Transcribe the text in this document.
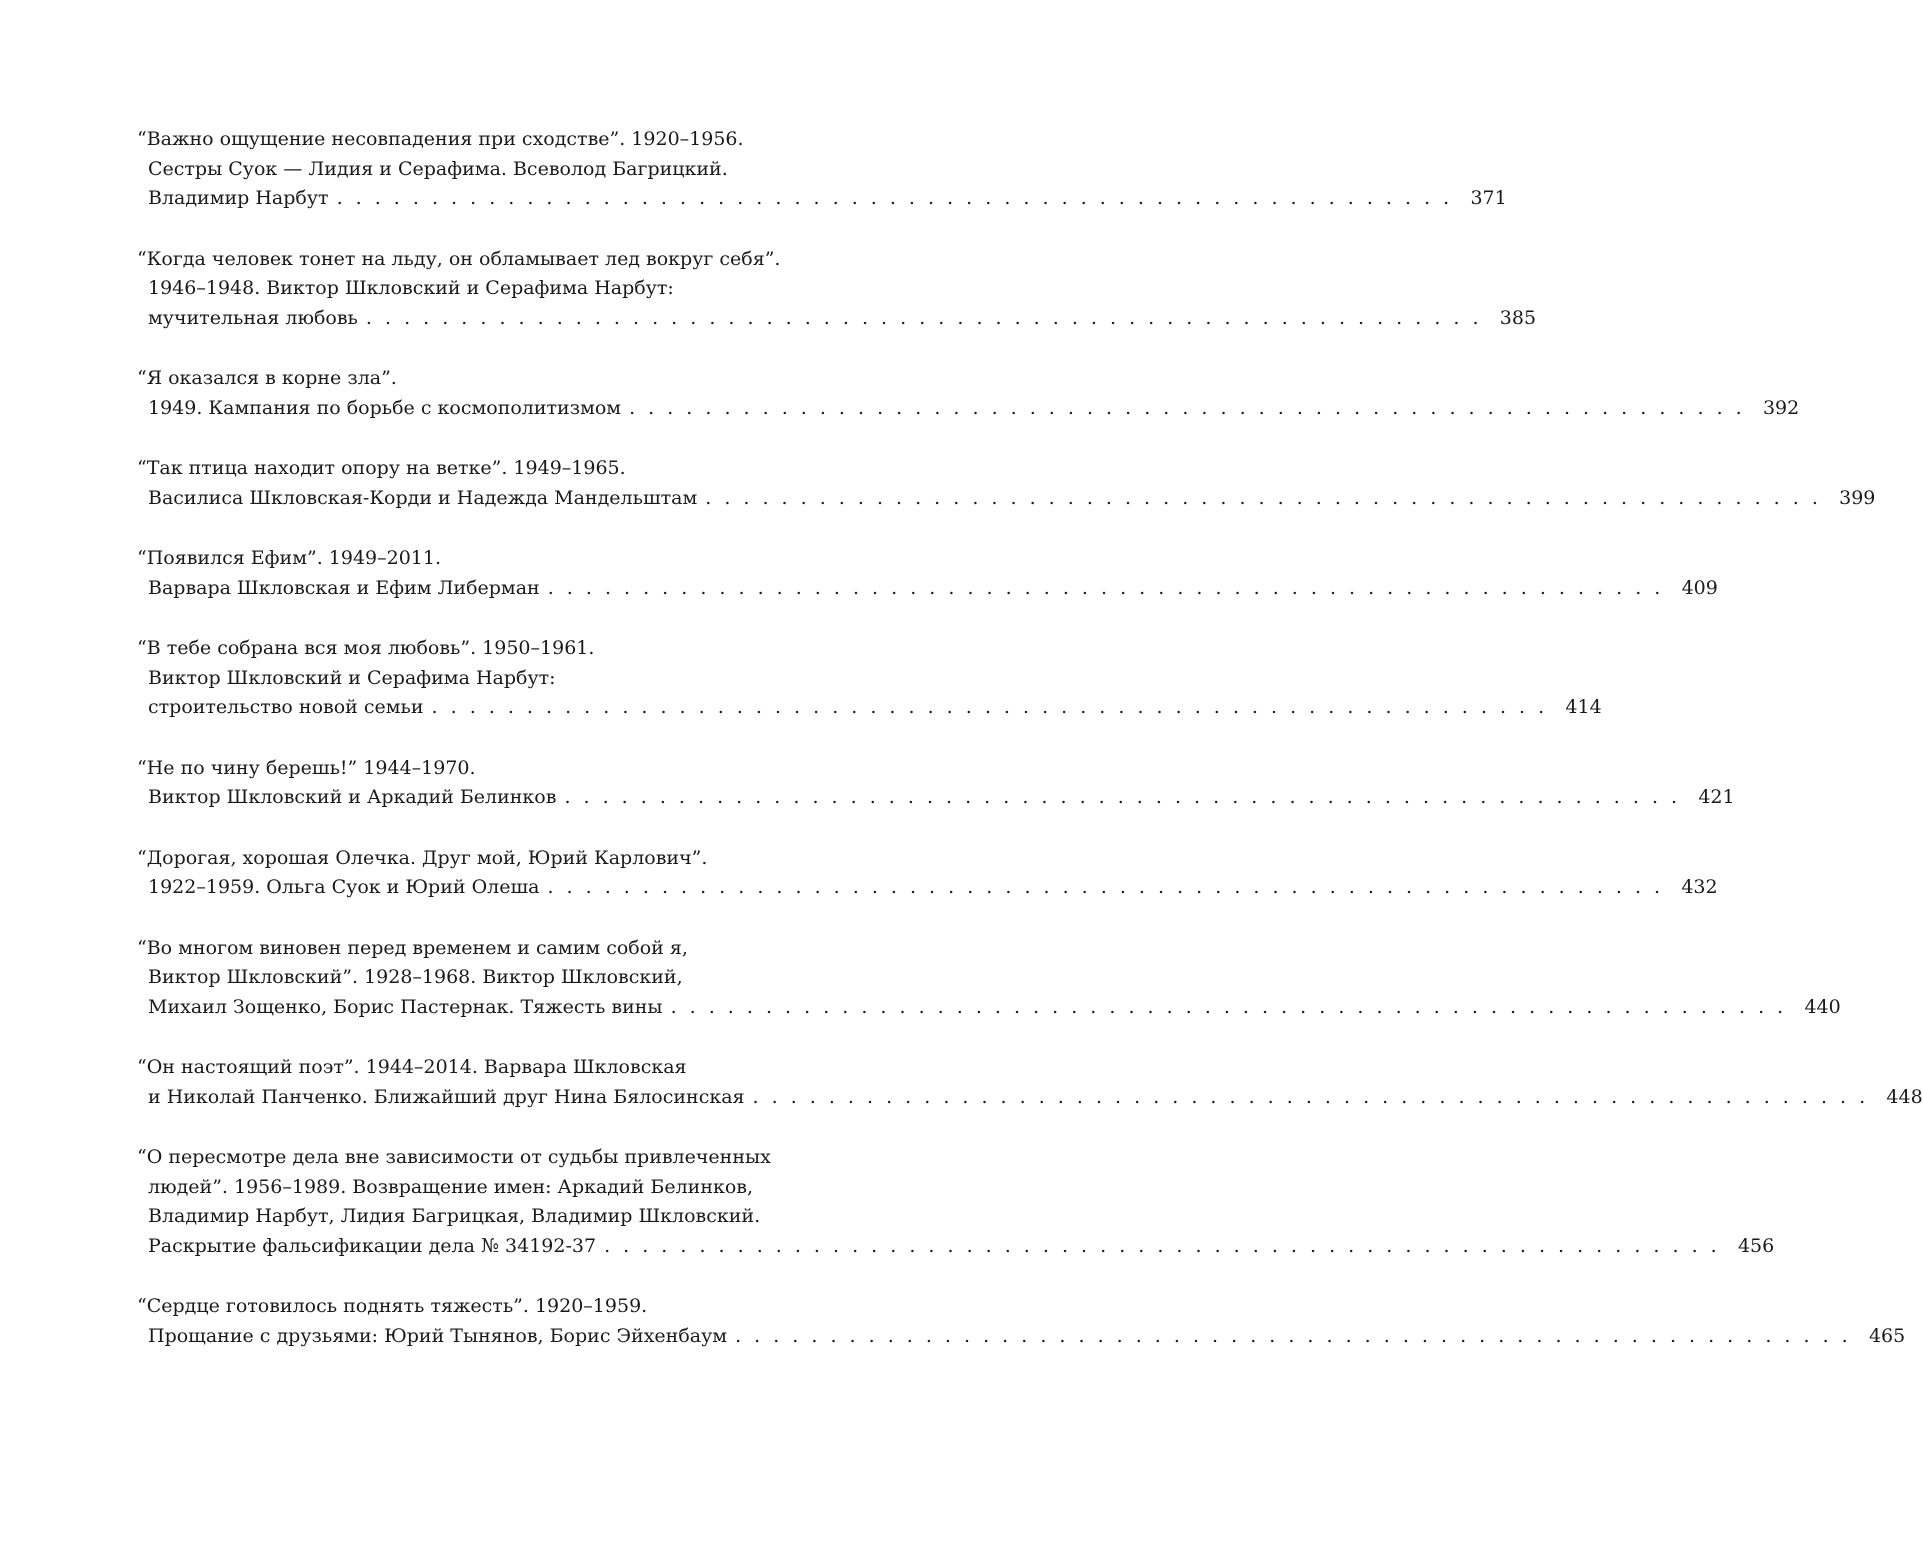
“Важно ощущение несовпадения при сходстве”. 1920–1956.
Сестры Суок — Лидия и Серафима. Всеволод Багрицкий.
Владимир Нарбут . . . . . . . . . . . . . . . . . . . . . . . . . . . . . . . . . . . . . . . . . . . . . . . . . . . . . . . . . . . 371
“Когда человек тонет на льду, он обламывает лед вокруг себя”.
1946–1948. Виктор Шкловский и Серафима Нарбут:
мучительная любовь . . . . . . . . . . . . . . . . . . . . . . . . . . . . . . . . . . . . . . . . . . . . . . . . . . . . . . . . . . . 385
“Я оказался в корне зла”.
1949. Кампания по борьбе с космополитизмом . . . . . . . . . . . . . . . . . . . . . . . . . . . . . . . . . . . . . . . . . . . . . . . . . . . . . . . . . . . 392
“Так птица находит опору на ветке”. 1949–1965.
Василиса Шкловская-Корди и Надежда Мандельштам . . . . . . . . . . . . . . . . . . . . . . . . . . . . . . . . . . . . . . . . . . . . . . . . . . . . . . . . . . . 399
“Появился Ефим”. 1949–2011.
Варвара Шкловская и Ефим Либерман . . . . . . . . . . . . . . . . . . . . . . . . . . . . . . . . . . . . . . . . . . . . . . . . . . . . . . . . . . . 409
“В тебе собрана вся моя любовь”. 1950–1961.
Виктор Шкловский и Серафима Нарбут:
строительство новой семьи . . . . . . . . . . . . . . . . . . . . . . . . . . . . . . . . . . . . . . . . . . . . . . . . . . . . . . . . . . . 414
“Не по чину берешь!” 1944–1970.
Виктор Шкловский и Аркадий Белинков . . . . . . . . . . . . . . . . . . . . . . . . . . . . . . . . . . . . . . . . . . . . . . . . . . . . . . . . . . . 421
“Дорогая, хорошая Олечка. Друг мой, Юрий Карлович”.
1922–1959. Ольга Суок и Юрий Олеша . . . . . . . . . . . . . . . . . . . . . . . . . . . . . . . . . . . . . . . . . . . . . . . . . . . . . . . . . . . 432
“Во многом виновен перед временем и самим собой я,
Виктор Шкловский”. 1928–1968. Виктор Шкловский,
Михаил Зощенко, Борис Пастернак. Тяжесть вины . . . . . . . . . . . . . . . . . . . . . . . . . . . . . . . . . . . . . . . . . . . . . . . . . . . . . . . . . . . 440
“Он настоящий поэт”. 1944–2014. Варвара Шкловская
и Николай Панченко. Ближайший друг Нина Бялосинская . . . . . . . . . . . . . . . . . . . . . . . . . . . . . . . . . . . . . . . . . . . . . . . . . . . . . . . . . . . 448
“О пересмотре дела вне зависимости от судьбы привлеченных
людей”. 1956–1989. Возвращение имен: Аркадий Белинков,
Владимир Нарбут, Лидия Багрицкая, Владимир Шкловский.
Раскрытие фальсификации дела № 34192-37 . . . . . . . . . . . . . . . . . . . . . . . . . . . . . . . . . . . . . . . . . . . . . . . . . . . . . . . . . . . 456
“Сердце готовилось поднять тяжесть”. 1920–1959.
Прощание с друзьями: Юрий Тынянов, Борис Эйхенбаум . . . . . . . . . . . . . . . . . . . . . . . . . . . . . . . . . . . . . . . . . . . . . . . . . . . . . . . . . . . 465
